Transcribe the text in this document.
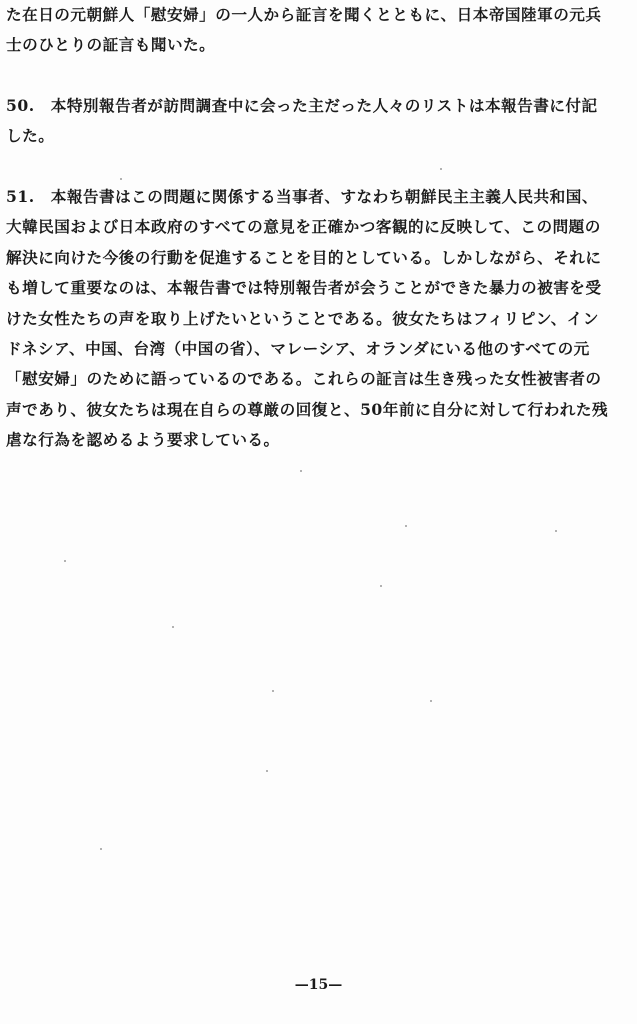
た在日の元朝鮮人「慰安婦」の一人から証言を聞くとともに、日本帝国陸軍の元兵
士のひとりの証言も聞いた。
50.　本特別報告者が訪問調査中に会った主だった人々のリストは本報告書に付記
した。
51.　本報告書はこの問題に関係する当事者、すなわち朝鮮民主主義人民共和国、
大韓民国および日本政府のすべての意見を正確かつ客観的に反映して、この問題の
解決に向けた今後の行動を促進することを目的としている。しかしながら、それに
も増して重要なのは、本報告書では特別報告者が会うことができた暴力の被害を受
けた女性たちの声を取り上げたいということである。彼女たちはフィリピン、イン
ドネシア、中国、台湾（中国の省）、マレーシア、オランダにいる他のすべての元
「慰安婦」のために語っているのである。これらの証言は生き残った女性被害者の
声であり、彼女たちは現在自らの尊厳の回復と、50年前に自分に対して行われた残
虐な行為を認めるよう要求している。
—15—
